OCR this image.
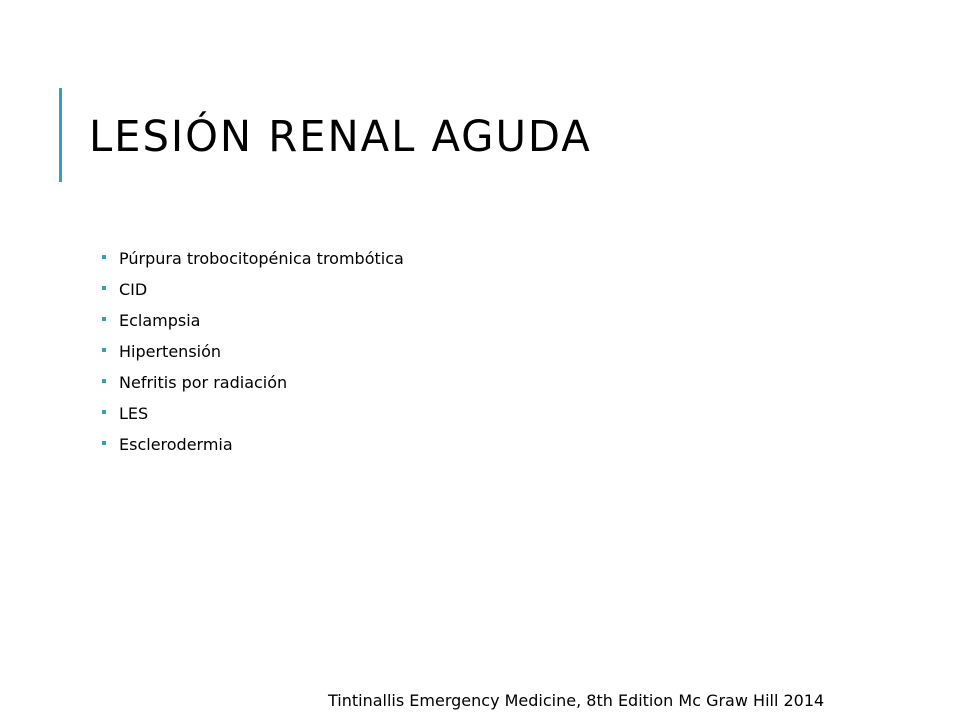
LESIÓN RENAL AGUDA
Púrpura trobocitopénica trombótica
CID
Eclampsia
Hipertensión
Nefritis por radiación
LES
Esclerodermia
Tintinallis Emergency Medicine, 8th Edition Mc Graw Hill 2014
